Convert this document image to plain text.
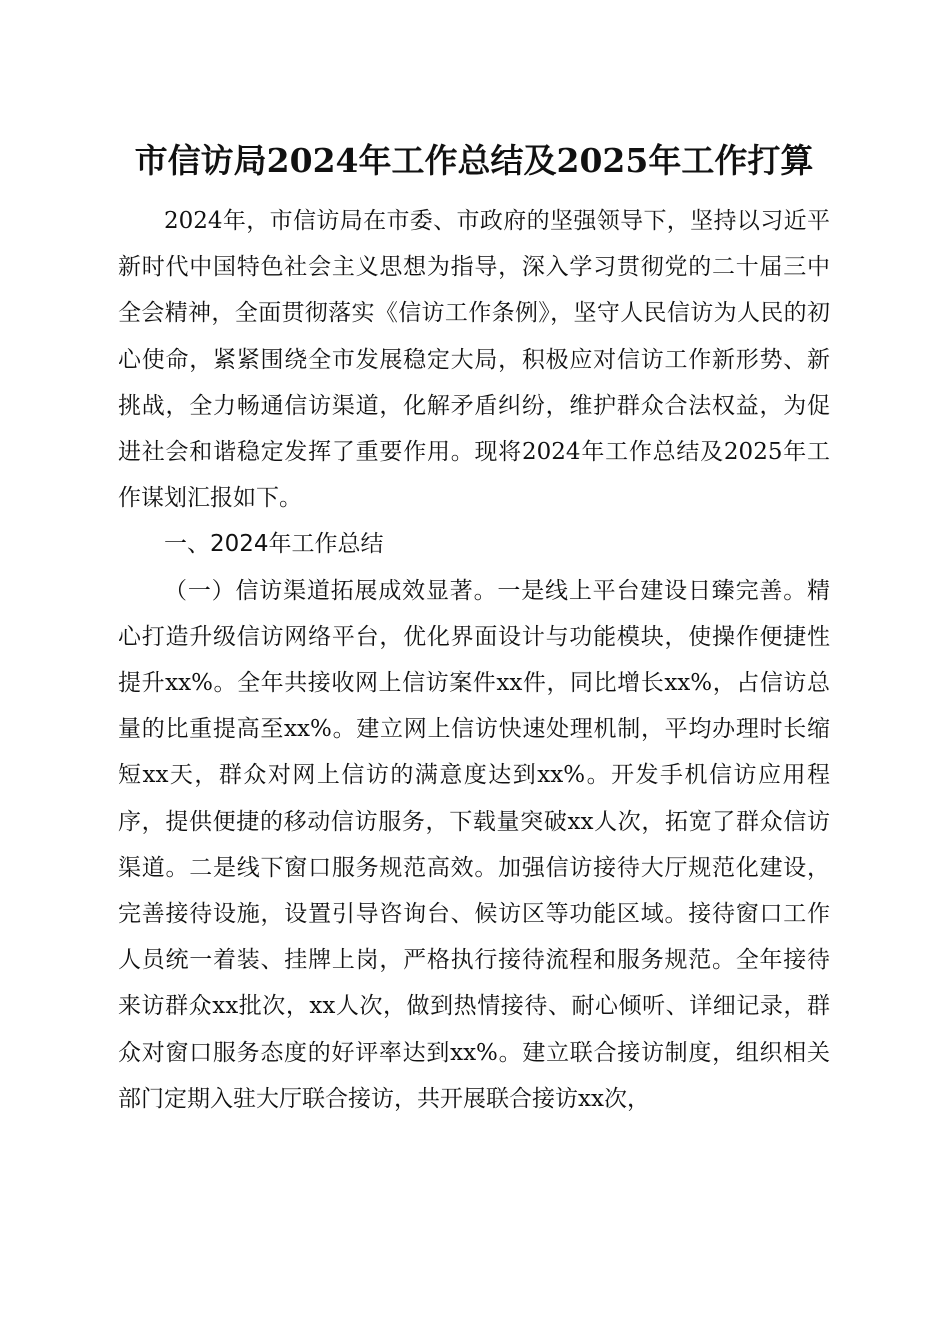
市信访局2024年工作总结及2025年工作打算

2024年，市信访局在市委、市政府的坚强领导下，坚持以习近平新时代中国特色社会主义思想为指导，深入学习贯彻党的二十届三中全会精神，全面贯彻落实《信访工作条例》，坚守人民信访为人民的初心使命，紧紧围绕全市发展稳定大局，积极应对信访工作新形势、新挑战，全力畅通信访渠道，化解矛盾纠纷，维护群众合法权益，为促进社会和谐稳定发挥了重要作用。现将2024年工作总结及2025年工作谋划汇报如下。

一、2024年工作总结

（一）信访渠道拓展成效显著。一是线上平台建设日臻完善。精心打造升级信访网络平台，优化界面设计与功能模块，使操作便捷性提升xx%。全年共接收网上信访案件xx件，同比增长xx%，占信访总量的比重提高至xx%。建立网上信访快速处理机制，平均办理时长缩短xx天，群众对网上信访的满意度达到xx%。开发手机信访应用程序，提供便捷的移动信访服务，下载量突破xx人次，拓宽了群众信访渠道。二是线下窗口服务规范高效。加强信访接待大厅规范化建设，完善接待设施，设置引导咨询台、候访区等功能区域。接待窗口工作人员统一着装、挂牌上岗，严格执行接待流程和服务规范。全年接待来访群众xx批次，xx人次，做到热情接待、耐心倾听、详细记录，群众对窗口服务态度的好评率达到xx%。建立联合接访制度，组织相关部门定期入驻大厅联合接访，共开展联合接访xx次，
